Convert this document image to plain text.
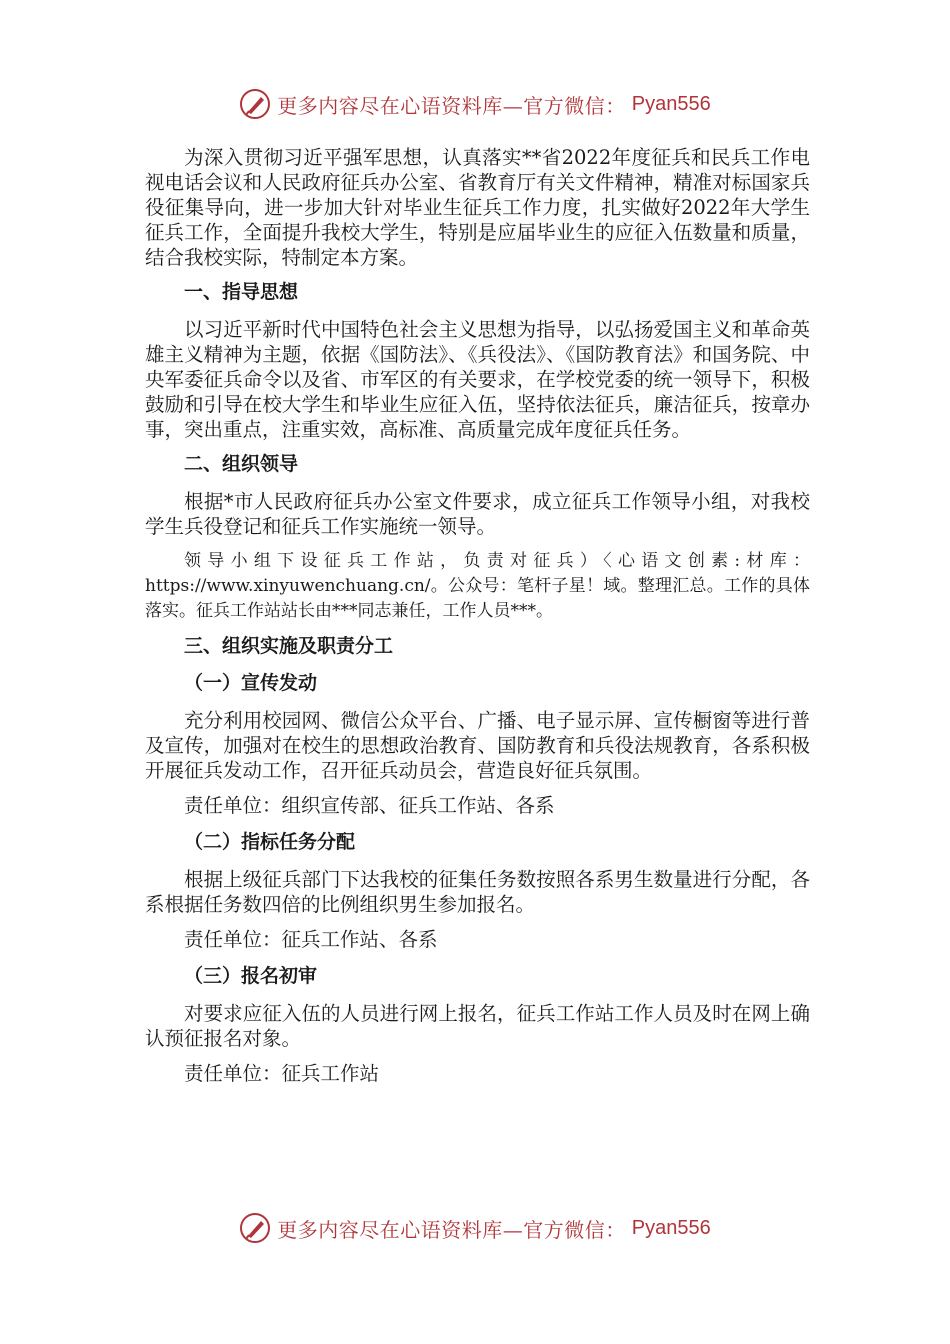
更多内容尽在心语资料库—官方微信： Pyan556

为深入贯彻习近平强军思想，认真落实**省2022年度征兵和民兵工作电视电话会议和人民政府征兵办公室、省教育厅有关文件精神，精准对标国家兵役征集导向，进一步加大针对毕业生征兵工作力度，扎实做好2022年大学生征兵工作，全面提升我校大学生，特别是应届毕业生的应征入伍数量和质量，结合我校实际，特制定本方案。

一、指导思想

以习近平新时代中国特色社会主义思想为指导，以弘扬爱国主义和革命英雄主义精神为主题，依据《国防法》、《兵役法》、《国防教育法》和国务院、中央军委征兵命令以及省、市军区的有关要求，在学校党委的统一领导下，积极鼓励和引导在校大学生和毕业生应征入伍，坚持依法征兵，廉洁征兵，按章办事，突出重点，注重实效，高标准、高质量完成年度征兵任务。

二、组织领导

根据*市人民政府征兵办公室文件要求，成立征兵工作领导小组，对我校学生兵役登记和征兵工作实施统一领导。

领导小组下设征兵工作站，负责对征兵）〈心语文创素:材库：https://www.xinyuwenchuang.cn/。公众号：笔杆子星！域。整理汇总。工作的具体落实。征兵工作站站长由***同志兼任，工作人员***。

三、组织实施及职责分工
（一）宣传发动

充分利用校园网、微信公众平台、广播、电子显示屏、宣传橱窗等进行普及宣传，加强对在校生的思想政治教育、国防教育和兵役法规教育，各系积极开展征兵发动工作，召开征兵动员会，营造良好征兵氛围。

责任单位：组织宣传部、征兵工作站、各系
（二）指标任务分配

根据上级征兵部门下达我校的征集任务数按照各系男生数量进行分配，各系根据任务数四倍的比例组织男生参加报名。

责任单位：征兵工作站、各系
（三）报名初审

对要求应征入伍的人员进行网上报名，征兵工作站工作人员及时在网上确认预征报名对象。

责任单位：征兵工作站
更多内容尽在心语资料库—官方微信： Pyan556
